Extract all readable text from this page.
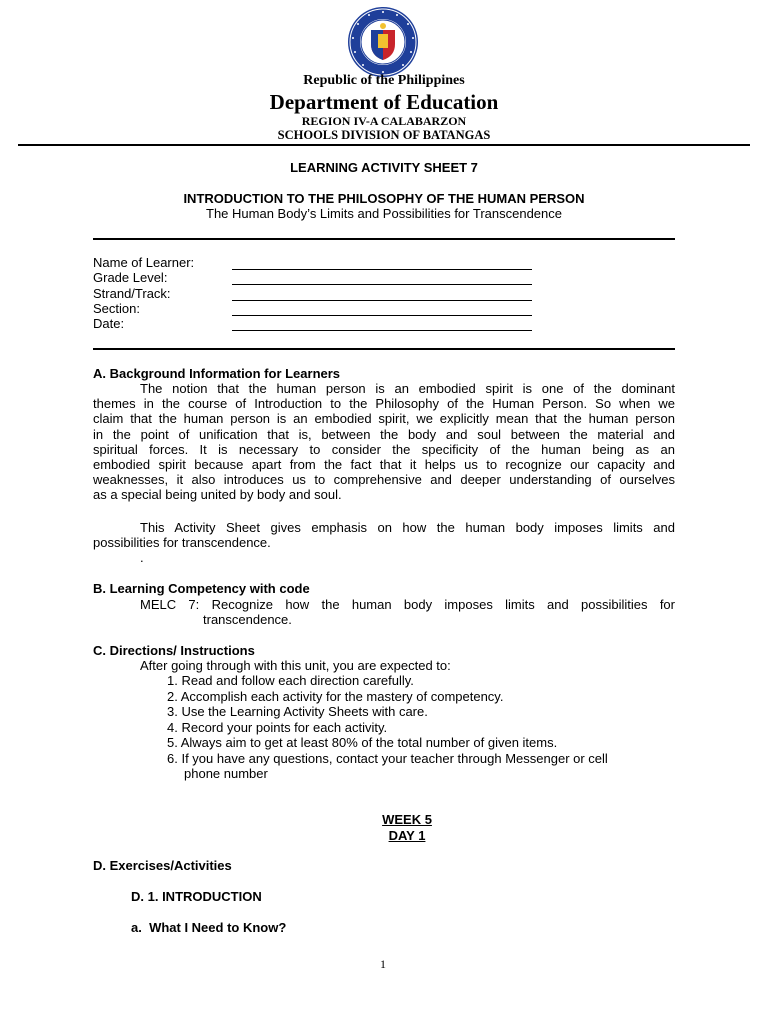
Republic of the Philippines
Department of Education
REGION IV-A CALABARZON
SCHOOLS DIVISION OF BATANGAS
LEARNING ACTIVITY SHEET 7
INTRODUCTION TO THE PHILOSOPHY OF THE HUMAN PERSON
The Human Body’s Limits and Possibilities for Transcendence
Name of Learner:
Grade Level:
Strand/Track:
Section:
Date:
A. Background Information for Learners
The notion that the human person is an embodied spirit is one of the dominant
themes in the course of Introduction to the Philosophy of the Human Person. So when we
claim that the human person is an embodied spirit, we explicitly mean that the human person
in the point of unification that is, between the body and soul between the material and
spiritual forces. It is necessary to consider the specificity of the human being as an
embodied spirit because apart from the fact that it helps us to recognize our capacity and
weaknesses, it also introduces us to comprehensive and deeper understanding of ourselves
as a special being united by body and soul.
This Activity Sheet gives emphasis on how the human body imposes limits and
possibilities for transcendence.
.
B. Learning Competency with code
MELC 7: Recognize how the human body imposes limits and possibilities for
transcendence.
C. Directions/ Instructions
After going through with this unit, you are expected to:
1. Read and follow each direction carefully.
2. Accomplish each activity for the mastery of competency.
3. Use the Learning Activity Sheets with care.
4. Record your points for each activity.
5. Always aim to get at least 80% of the total number of given items.
6. If you have any questions, contact your teacher through Messenger or cell
phone number
WEEK 5
DAY 1
D. Exercises/Activities
D. 1. INTRODUCTION
a.  What I Need to Know?
1
